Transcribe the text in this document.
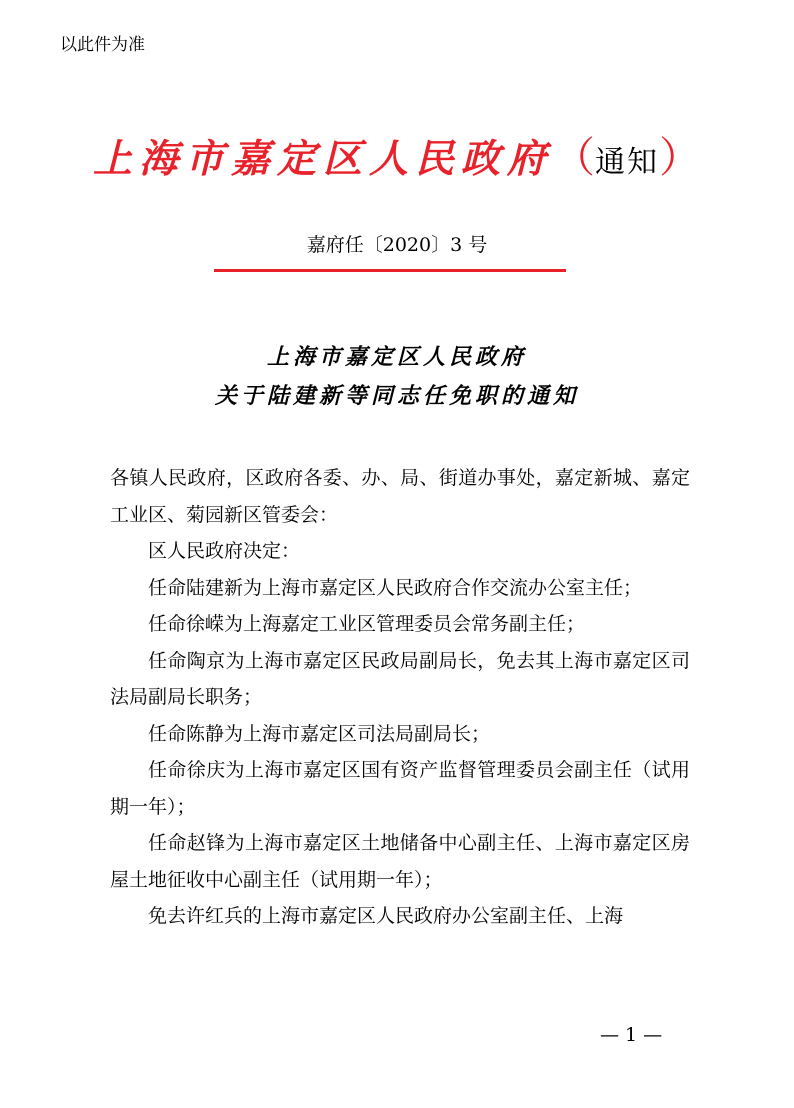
以此件为准
上海市嘉定区人民政府（通知）
嘉府任〔2020〕3 号
上海市嘉定区人民政府
关于陆建新等同志任免职的通知

各镇人民政府，区政府各委、办、局、街道办事处，嘉定新城、嘉定工业区、菊园新区管委会：

区人民政府决定：

任命陆建新为上海市嘉定区人民政府合作交流办公室主任；

任命徐嵘为上海嘉定工业区管理委员会常务副主任；

任命陶京为上海市嘉定区民政局副局长，免去其上海市嘉定区司法局副局长职务；

任命陈静为上海市嘉定区司法局副局长；

任命徐庆为上海市嘉定区国有资产监督管理委员会副主任（试用期一年）；

任命赵锋为上海市嘉定区土地储备中心副主任、上海市嘉定区房屋土地征收中心副主任（试用期一年）；

免去许红兵的上海市嘉定区人民政府办公室副主任、上海

— 1 —
